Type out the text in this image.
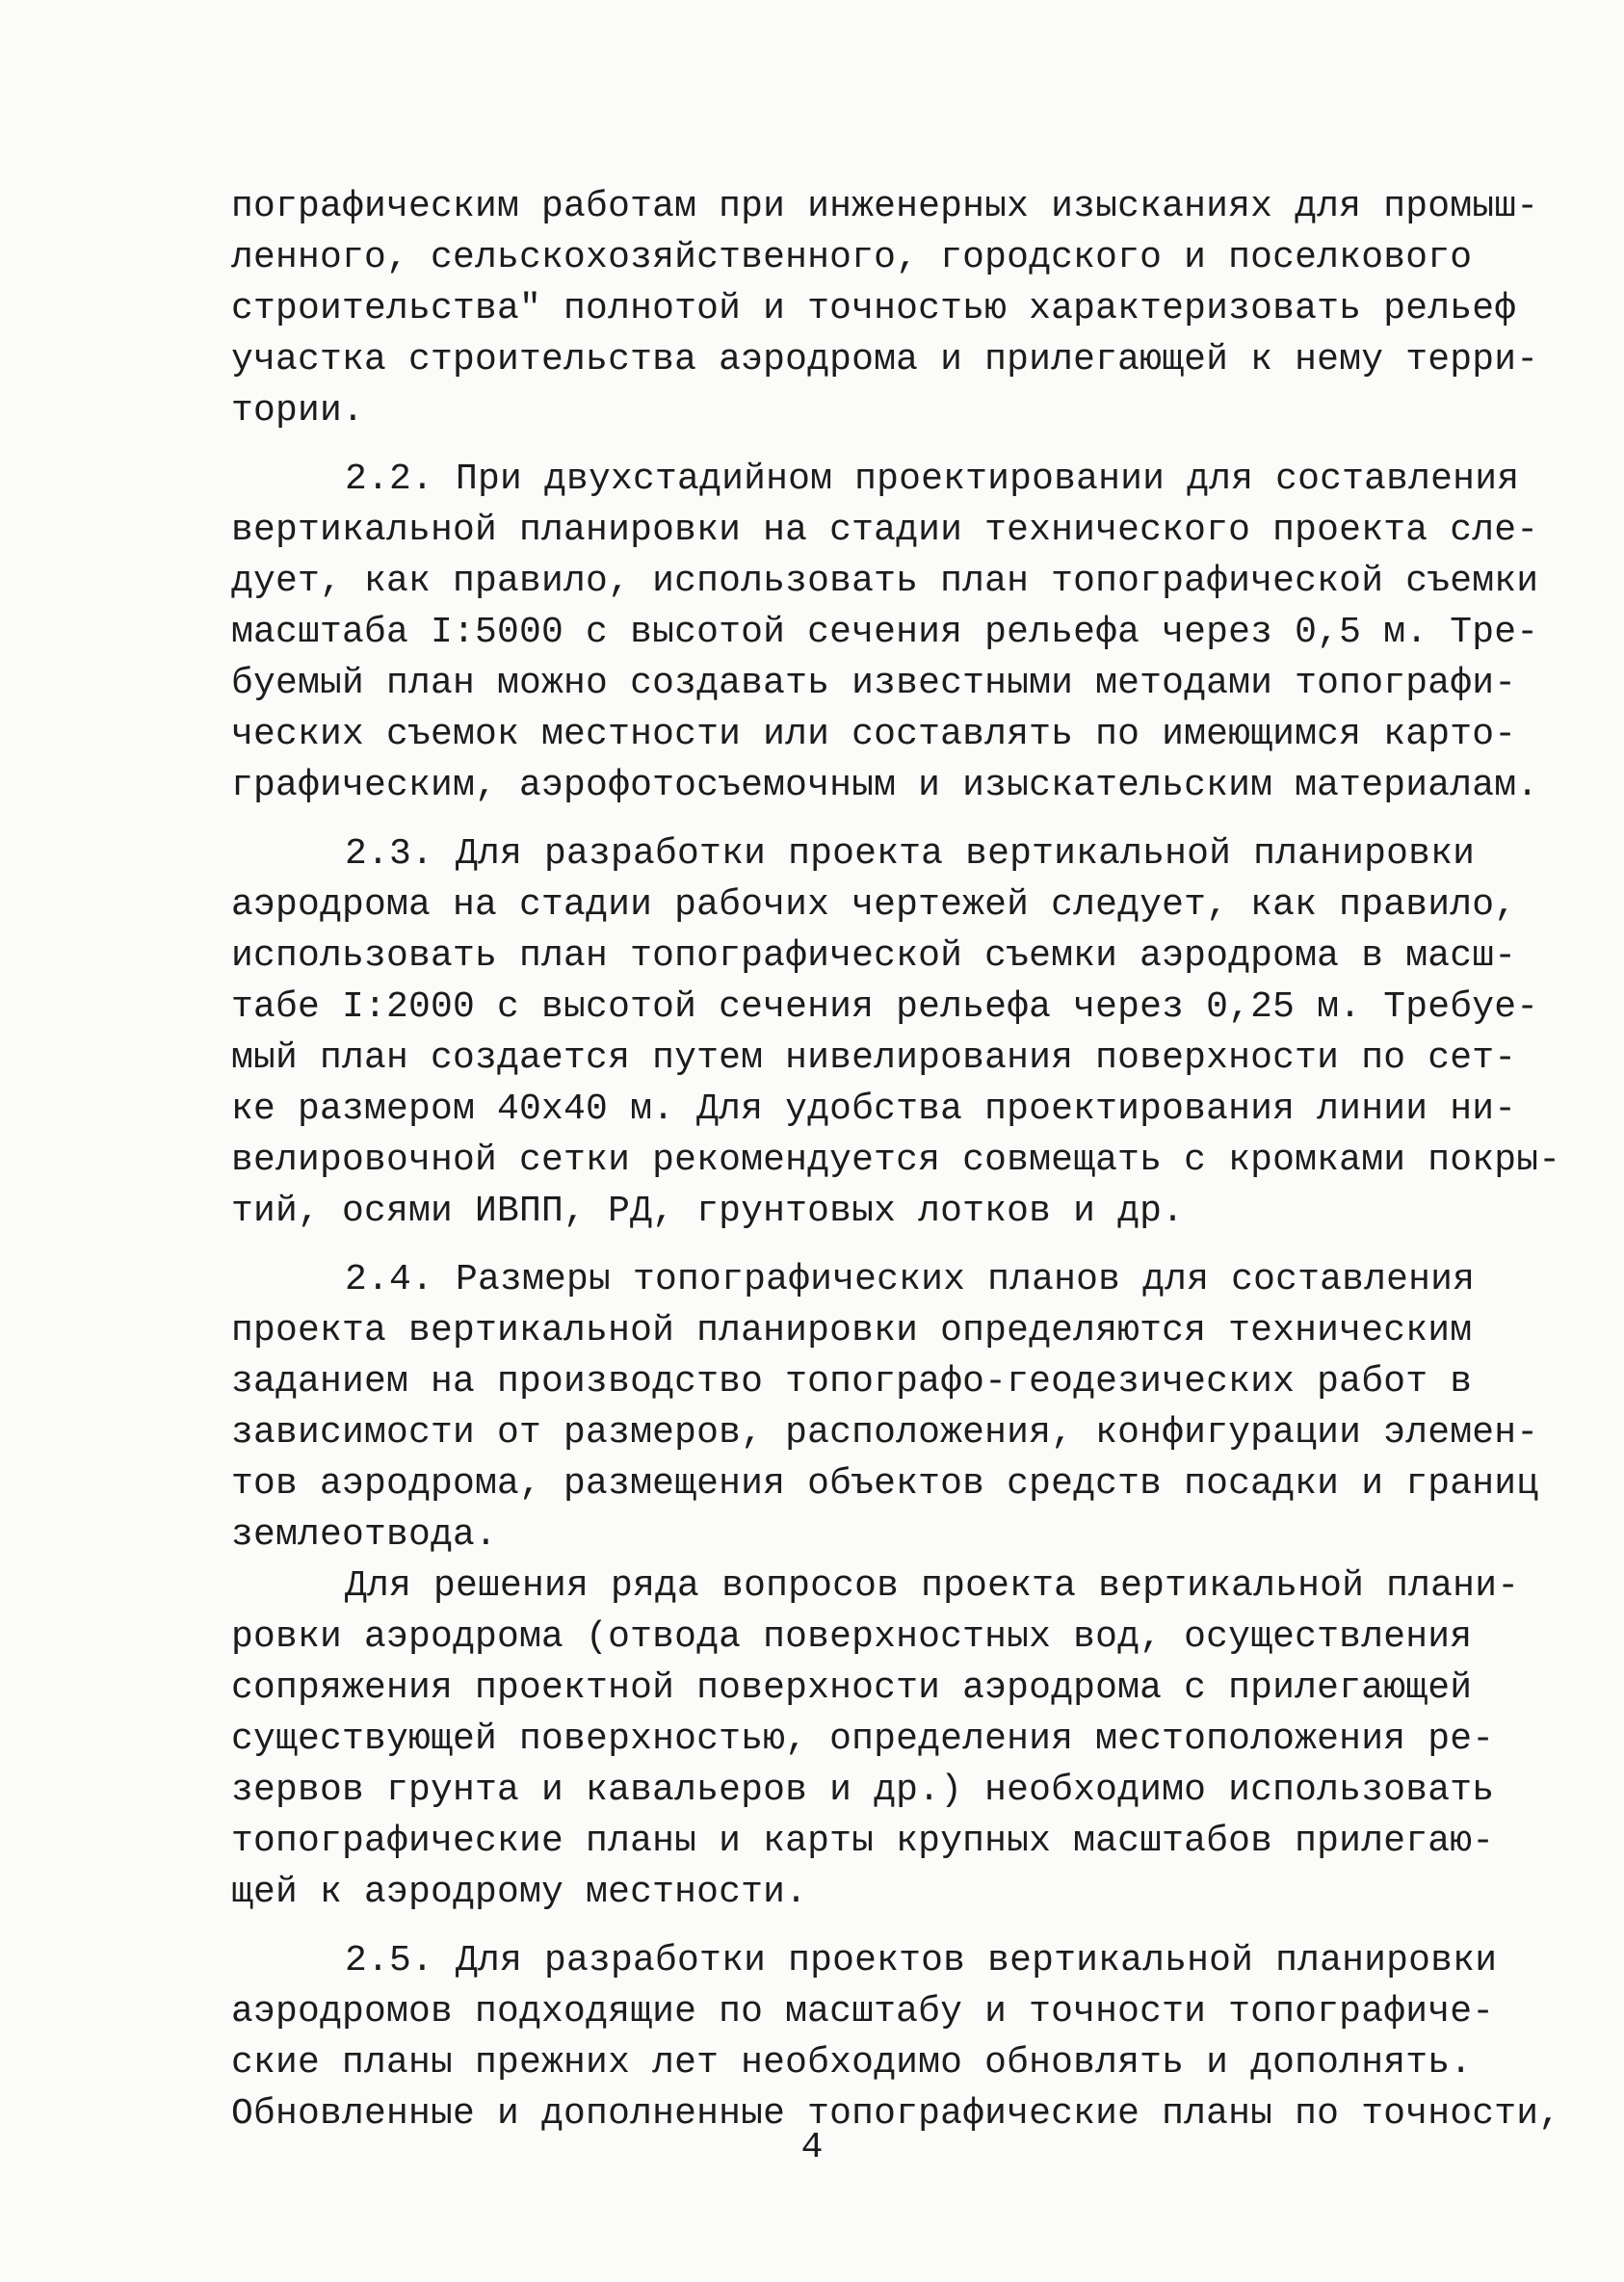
пографическим работам при инженерных изысканиях для промыш-
ленного, сельскохозяйственного, городского и поселкового
строительства" полнотой и точностью характеризовать рельеф
участка строительства аэродрома и прилегающей к нему терри-
тории.

2.2. При двухстадийном проектировании для составления
вертикальной планировки на стадии технического проекта сле-
дует, как правило, использовать план топографической съемки
масштаба I:5000 с высотой сечения рельефа через 0,5 м. Тре-
буемый план можно создавать известными методами топографи-
ческих съемок местности или составлять по имеющимся карто-
графическим, аэрофотосъемочным и изыскательским материалам.

2.3. Для разработки проекта вертикальной планировки
аэродрома на стадии рабочих чертежей следует, как правило,
использовать план топографической съемки аэродрома в масш-
табе I:2000 с высотой сечения рельефа через 0,25 м. Требуе-
мый план создается путем нивелирования поверхности по сет-
ке размером 40х40 м. Для удобства проектирования линии ни-
велировочной сетки рекомендуется совмещать с кромками покры-
тий, осями ИВПП, РД, грунтовых лотков и др.

2.4. Размеры топографических планов для составления
проекта вертикальной планировки определяются техническим
заданием на производство топографо-геодезических работ в
зависимости от размеров, расположения, конфигурации элемен-
тов аэродрома, размещения объектов средств посадки и границ
землеотвода.

Для решения ряда вопросов проекта вертикальной плани-
ровки аэродрома (отвода поверхностных вод, осуществления
сопряжения проектной поверхности аэродрома с прилегающей
существующей поверхностью, определения местоположения ре-
зервов грунта и кавальеров и др.) необходимо использовать
топографические планы и карты крупных масштабов прилегаю-
щей к аэродрому местности.

2.5. Для разработки проектов вертикальной планировки
аэродромов подходящие по масштабу и точности топографиче-
ские планы прежних лет необходимо обновлять и дополнять.
Обновленные и дополненные топографические планы по точности,

4
